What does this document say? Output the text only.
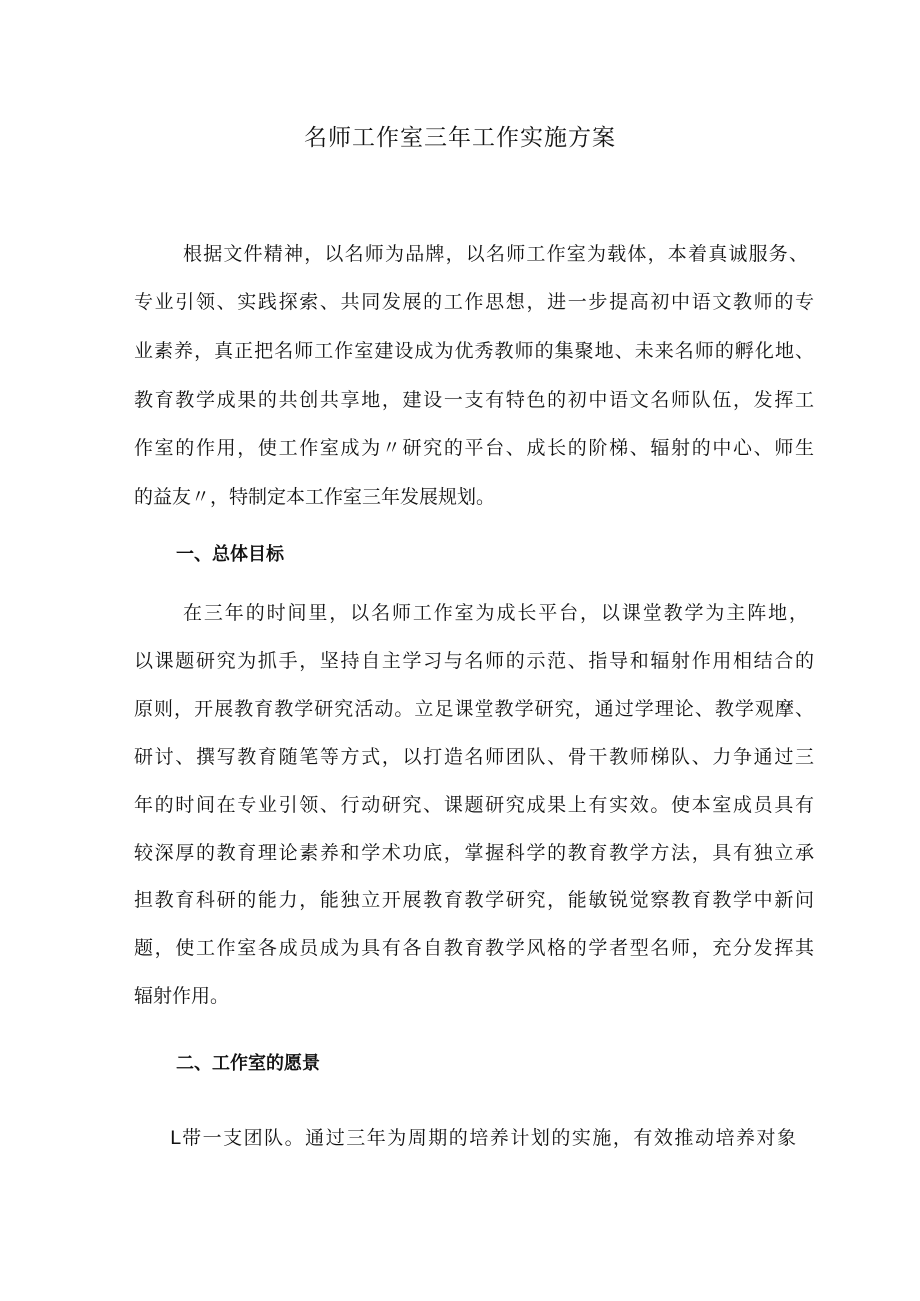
名师工作室三年工作实施方案
根据文件精神，以名师为品牌，以名师工作室为载体，本着真诚服务、
专业引领、实践探索、共同发展的工作思想，进一步提高初中语文教师的专
业素养，真正把名师工作室建设成为优秀教师的集聚地、未来名师的孵化地、
教育教学成果的共创共享地，建设一支有特色的初中语文名师队伍，发挥工
作室的作用，使工作室成为〃研究的平台、成长的阶梯、辐射的中心、师生
的益友〃，特制定本工作室三年发展规划。
一、总体目标
在三年的时间里，以名师工作室为成长平台，以课堂教学为主阵地，
以课题研究为抓手，坚持自主学习与名师的示范、指导和辐射作用相结合的
原则，开展教育教学研究活动。立足课堂教学研究，通过学理论、教学观摩、
研讨、撰写教育随笔等方式，以打造名师团队、骨干教师梯队、力争通过三
年的时间在专业引领、行动研究、课题研究成果上有实效。使本室成员具有
较深厚的教育理论素养和学术功底，掌握科学的教育教学方法，具有独立承
担教育科研的能力，能独立开展教育教学研究，能敏锐觉察教育教学中新问
题，使工作室各成员成为具有各自教育教学风格的学者型名师，充分发挥其
辐射作用。
二、工作室的愿景
L带一支团队。通过三年为周期的培养计划的实施，有效推动培养对象
